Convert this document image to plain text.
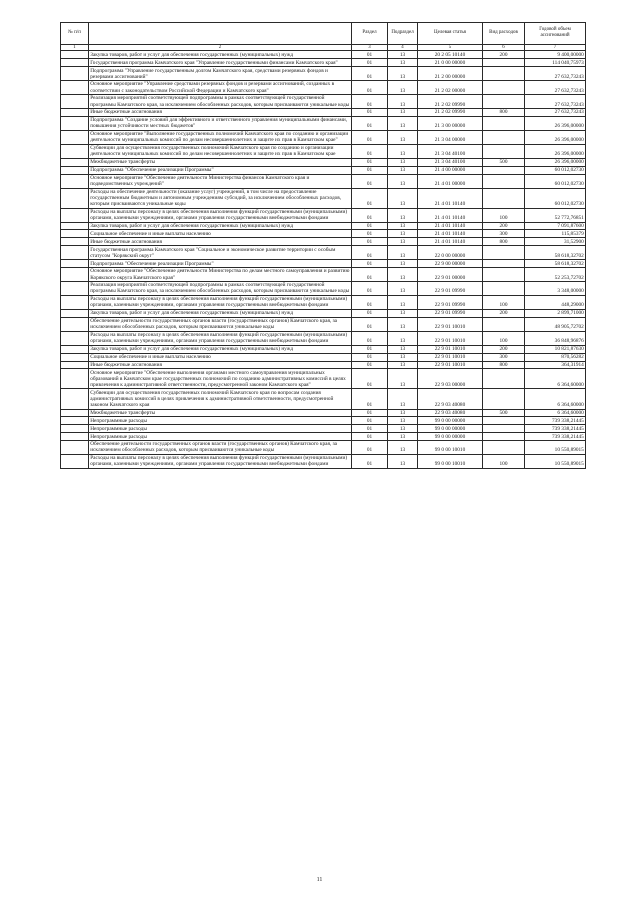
№ п/п		Раздел	Подраздел	Целевая статья	Вид расходов	Годовой объем ассигнований
1	2	3	4	5	6	7
	Закупка товаров, работ и услуг для обеспечения государственных (муниципальных) нужд	01	13	20 2 05 10140	200	9 400,00000
	Государственная программа Камчатского края "Управление государственными финансами Камчатского края"	01	13	21 0 00 00000		114 040,75973
	Подпрограмма "Управление государственным долгом Камчатского края, средствами резервных фондов и резервами ассигнований"	01	13	21 2 00 00000		27 632,73243
	Основное мероприятие "Управление средствами резервных фондов и резервами ассигнований, созданных в соответствии с законодательством Российской Федерации и Камчатского края"	01	13	21 2 02 00000		27 632,73243
	Реализация мероприятий соответствующей подпрограммы в рамках соответствующей государственной программы Камчатского края, за исключением обособленных расходов, которым присваиваются уникальные коды	01	13	21 2 02 09990		27 632,73243
	Иные бюджетные ассигнования	01	13	21 2 02 09990	800	27 632,73243
	Подпрограмма "Создание условий для эффективного и ответственного управления муниципальными финансами, повышения устойчивости местных бюджетов"	01	13	21 3 00 00000		26 396,00000
	Основное мероприятие "Выполнение государственных полномочий Камчатского края по созданию и организации деятельности муниципальных комиссий по делам несовершеннолетних и защите их прав в Камчатском крае"	01	13	21 3 04 00000		26 396,00000
	Субвенции для осуществления государственных полномочий Камчатского края по созданию и организации деятельности муниципальных комиссий по делам несовершеннолетних и защите их прав в Камчатском крае	01	13	21 3 04 40100		26 396,00000
	Межбюджетные трансферты	01	13	21 3 04 40100	500	26 396,00000
	Подпрограмма "Обеспечение реализации Программы"	01	13	21 4 00 00000		60 012,02730
	Основное мероприятие "Обеспечение деятельности Министерства финансов Камчатского края и подведомственных учреждений"	01	13	21 4 01 00000		60 012,02730
	Расходы на обеспечение деятельности (оказание услуг) учреждений, в том числе на предоставление государственным бюджетным и автономным учреждениям субсидий, за исключением обособленных расходов, которым присваиваются уникальные коды	01	13	21 4 01 10140		60 012,02730
	Расходы на выплаты персоналу в целях обеспечения выполнения функций государственными (муниципальными) органами, казенными учреждениями, органами управления государственными внебюджетными фондами	01	13	21 4 01 10140	100	52 772,76851
	Закупка товаров, работ и услуг для обеспечения государственных (муниципальных) нужд	01	13	21 4 01 10140	200	7 091,87600
	Социальное обеспечение и иные выплаты населению	01	13	21 4 01 10140	300	115,85379
	Иные бюджетные ассигнования	01	13	21 4 01 10140	800	31,52900
	Государственная программа Камчатского края "Социальное и экономическое развитие территории с особым статусом "Корякский округ"	01	13	22 0 00 00000		58 618,32702
	Подпрограмма "Обеспечение реализации Программы"	01	13	22 9 00 00000		58 618,32702
	Основное мероприятие "Обеспечение деятельности Министерства по делам местного самоуправления и развитию Корякского округа Камчатского края"	01	13	22 9 01 00000		52 253,72702
	Реализация мероприятий соответствующей подпрограммы в рамках соответствующей государственной программы Камчатского края, за исключением обособленных расходов, которым присваиваются уникальные коды	01	13	22 9 01 09990		3 348,00000
	Расходы на выплаты персоналу в целях обеспечения выполнения функций государственными (муниципальными) органами, казенными учреждениями, органами управления государственными внебюджетными фондами	01	13	22 9 01 09990	100	448,29000
	Закупка товаров, работ и услуг для обеспечения государственных (муниципальных) нужд	01	13	22 9 01 09990	200	2 899,71000
	Обеспечение деятельности государственных органов власти (государственных органов) Камчатского края, за исключением обособленных расходов, которым присваиваются уникальные коды	01	13	22 9 01 10010		48 905,72702
	Расходы на выплаты персоналу в целях обеспечения выполнения функций государственными (муниципальными) органами, казенными учреждениями, органами управления государственными внебюджетными фондами	01	13	22 9 01 10010	100	36 848,96876
	Закупка товаров, работ и услуг для обеспечения государственных (муниципальных) нужд	01	13	22 9 01 10010	200	10 821,87630
	Социальное обеспечение и иные выплаты населению	01	13	22 9 01 10010	300	870,56282
	Иные бюджетные ассигнования	01	13	22 9 01 10010	800	364,31914
	Основное мероприятие "Обеспечение выполнения органами местного самоуправления муниципальных образований в Камчатском крае государственных полномочий по созданию административных комиссий в целях привлечения к административной ответственности, предусмотренной законом Камчатского края"	01	13	22 9 03 00000		6 364,60000
	Субвенции для осуществления государственных полномочий Камчатского края по вопросам создания административных комиссий в целях привлечения к административной ответственности, предусмотренной законом Камчатского края	01	13	22 9 03 40080		6 364,60000
	Межбюджетные трансферты	01	13	22 9 03 40080	500	6 364,60000
	Непрограммные расходы	01	13	99 0 00 00000		739 338,21445
	Непрограммные расходы	01	13	99 0 00 00000		739 338,21445
	Непрограммные расходы	01	13	99 0 00 00000		739 338,21445
	Обеспечение деятельности государственных органов власти (государственных органов) Камчатского края, за исключением обособленных расходов, которым присваиваются уникальные коды	01	13	99 0 00 10010		10 550,89015
	Расходы на выплаты персоналу в целях обеспечения выполнения функций государственными (муниципальными) органами, казенными учреждениями, органами управления государственными внебюджетными фондами	01	13	99 0 00 10010	100	10 550,89015
11
